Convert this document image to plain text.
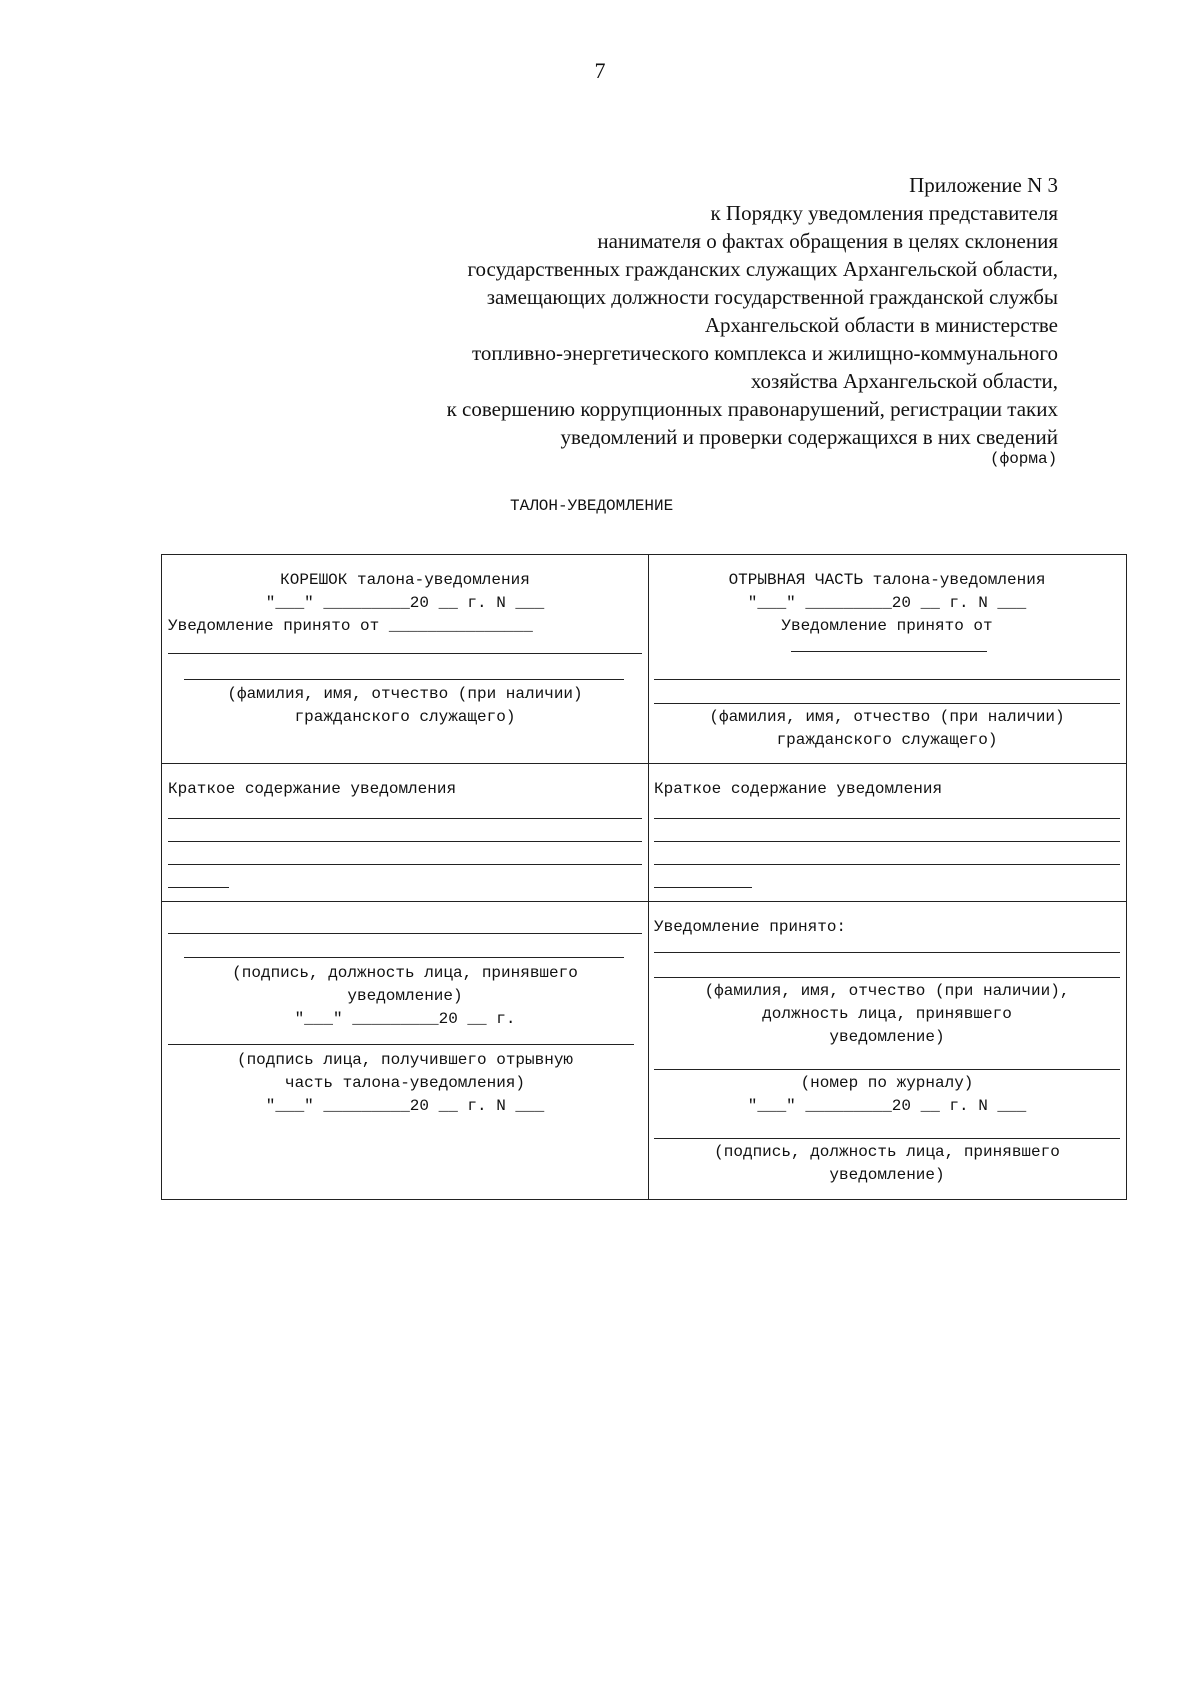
7
Приложение N 3
к Порядку уведомления представителя
нанимателя о фактах обращения в целях склонения
государственных гражданских служащих Архангельской области,
замещающих должности государственной гражданской службы
Архангельской области в министерстве
топливно-энергетического комплекса и жилищно-коммунального
хозяйства Архангельской области,
к совершению коррупционных правонарушений, регистрации таких
уведомлений и проверки содержащихся в них сведений
(форма)
ТАЛОН-УВЕДОМЛЕНИЕ
КОРЕШОК талона-уведомления
"___" _________20 __ г. N ___
Уведомление принято от _______________
(фамилия, имя, отчество (при наличии)
гражданского служащего)
Краткое содержание уведомления
(подпись, должность лица, принявшего
уведомление)
"___" _________20 __ г.
(подпись лица, получившего отрывную
часть талона-уведомления)
"___" _________20 __ г. N ___
ОТРЫВНАЯ ЧАСТЬ талона-уведомления
"___" _________20 __ г. N ___
Уведомление принято от
(фамилия, имя, отчество (при наличии)
гражданского служащего)
Краткое содержание уведомления
Уведомление принято:
(фамилия, имя, отчество (при наличии),
должность лица, принявшего
уведомление)
(номер по журналу)
"___" _________20 __ г. N ___
(подпись, должность лица, принявшего
уведомление)
